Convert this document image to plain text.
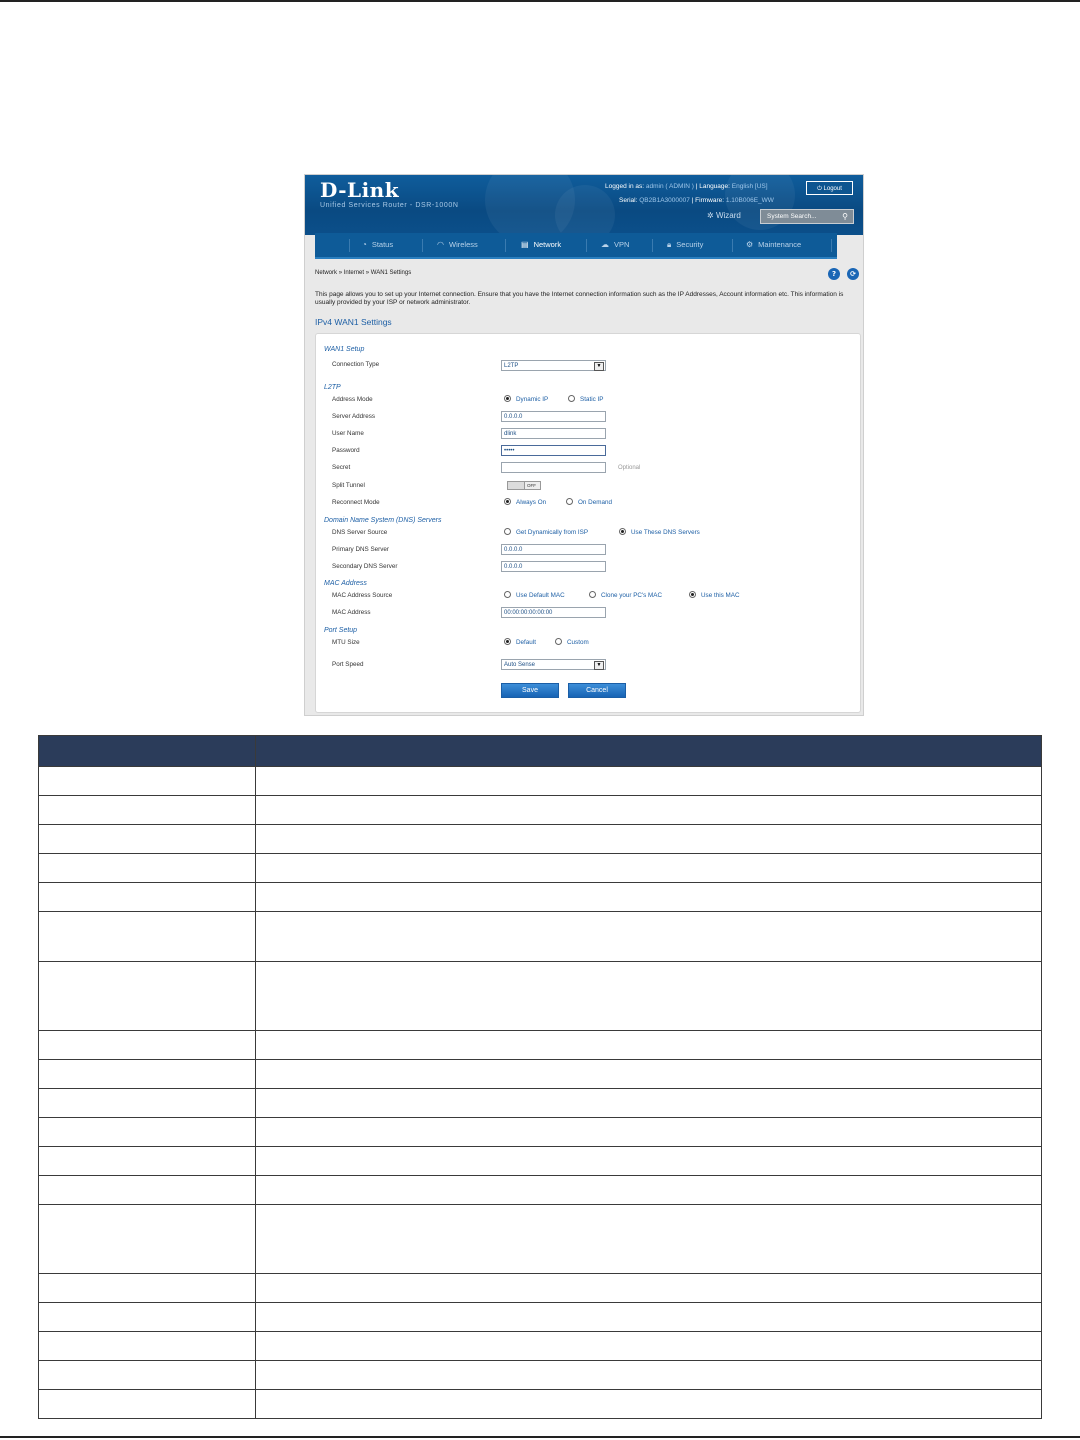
D-Link
Unified Services Router - DSR-1000N
Logged in as: admin ( ADMIN ) | Language: English [US]
Serial: QB2B1A3000007 | Firmware: 1.10B006E_WW
⏻ Logout
✲ Wizard	System Search...	⚲
◔ Status	◠ Wireless	▤ Network	☁ VPN	🔒︎ Security	⚙ Maintenance
Network » Internet » WAN1 Settings	?	⟳
This page allows you to set up your Internet connection. Ensure that you have the Internet connection information such as the IP Addresses, Account information etc. This information is usually provided by your ISP or network administrator.
IPv4 WAN1 Settings
WAN1 Setup
Connection Type	L2TP	▼
L2TP
Address Mode	Dynamic IP	Static IP
Server Address	0.0.0.0
User Name	dlink
Password	•••••
Secret	Optional
Split Tunnel	OFF
Reconnect Mode	Always On	On Demand
Domain Name System (DNS) Servers
DNS Server Source	Get Dynamically from ISP	Use These DNS Servers
Primary DNS Server	0.0.0.0
Secondary DNS Server	0.0.0.0
MAC Address
MAC Address Source	Use Default MAC	Clone your PC's MAC	Use this MAC
MAC Address	00:00:00:00:00:00
Port Setup
MTU Size	Default	Custom
Port Speed	Auto Sense	▼
Save	Cancel
